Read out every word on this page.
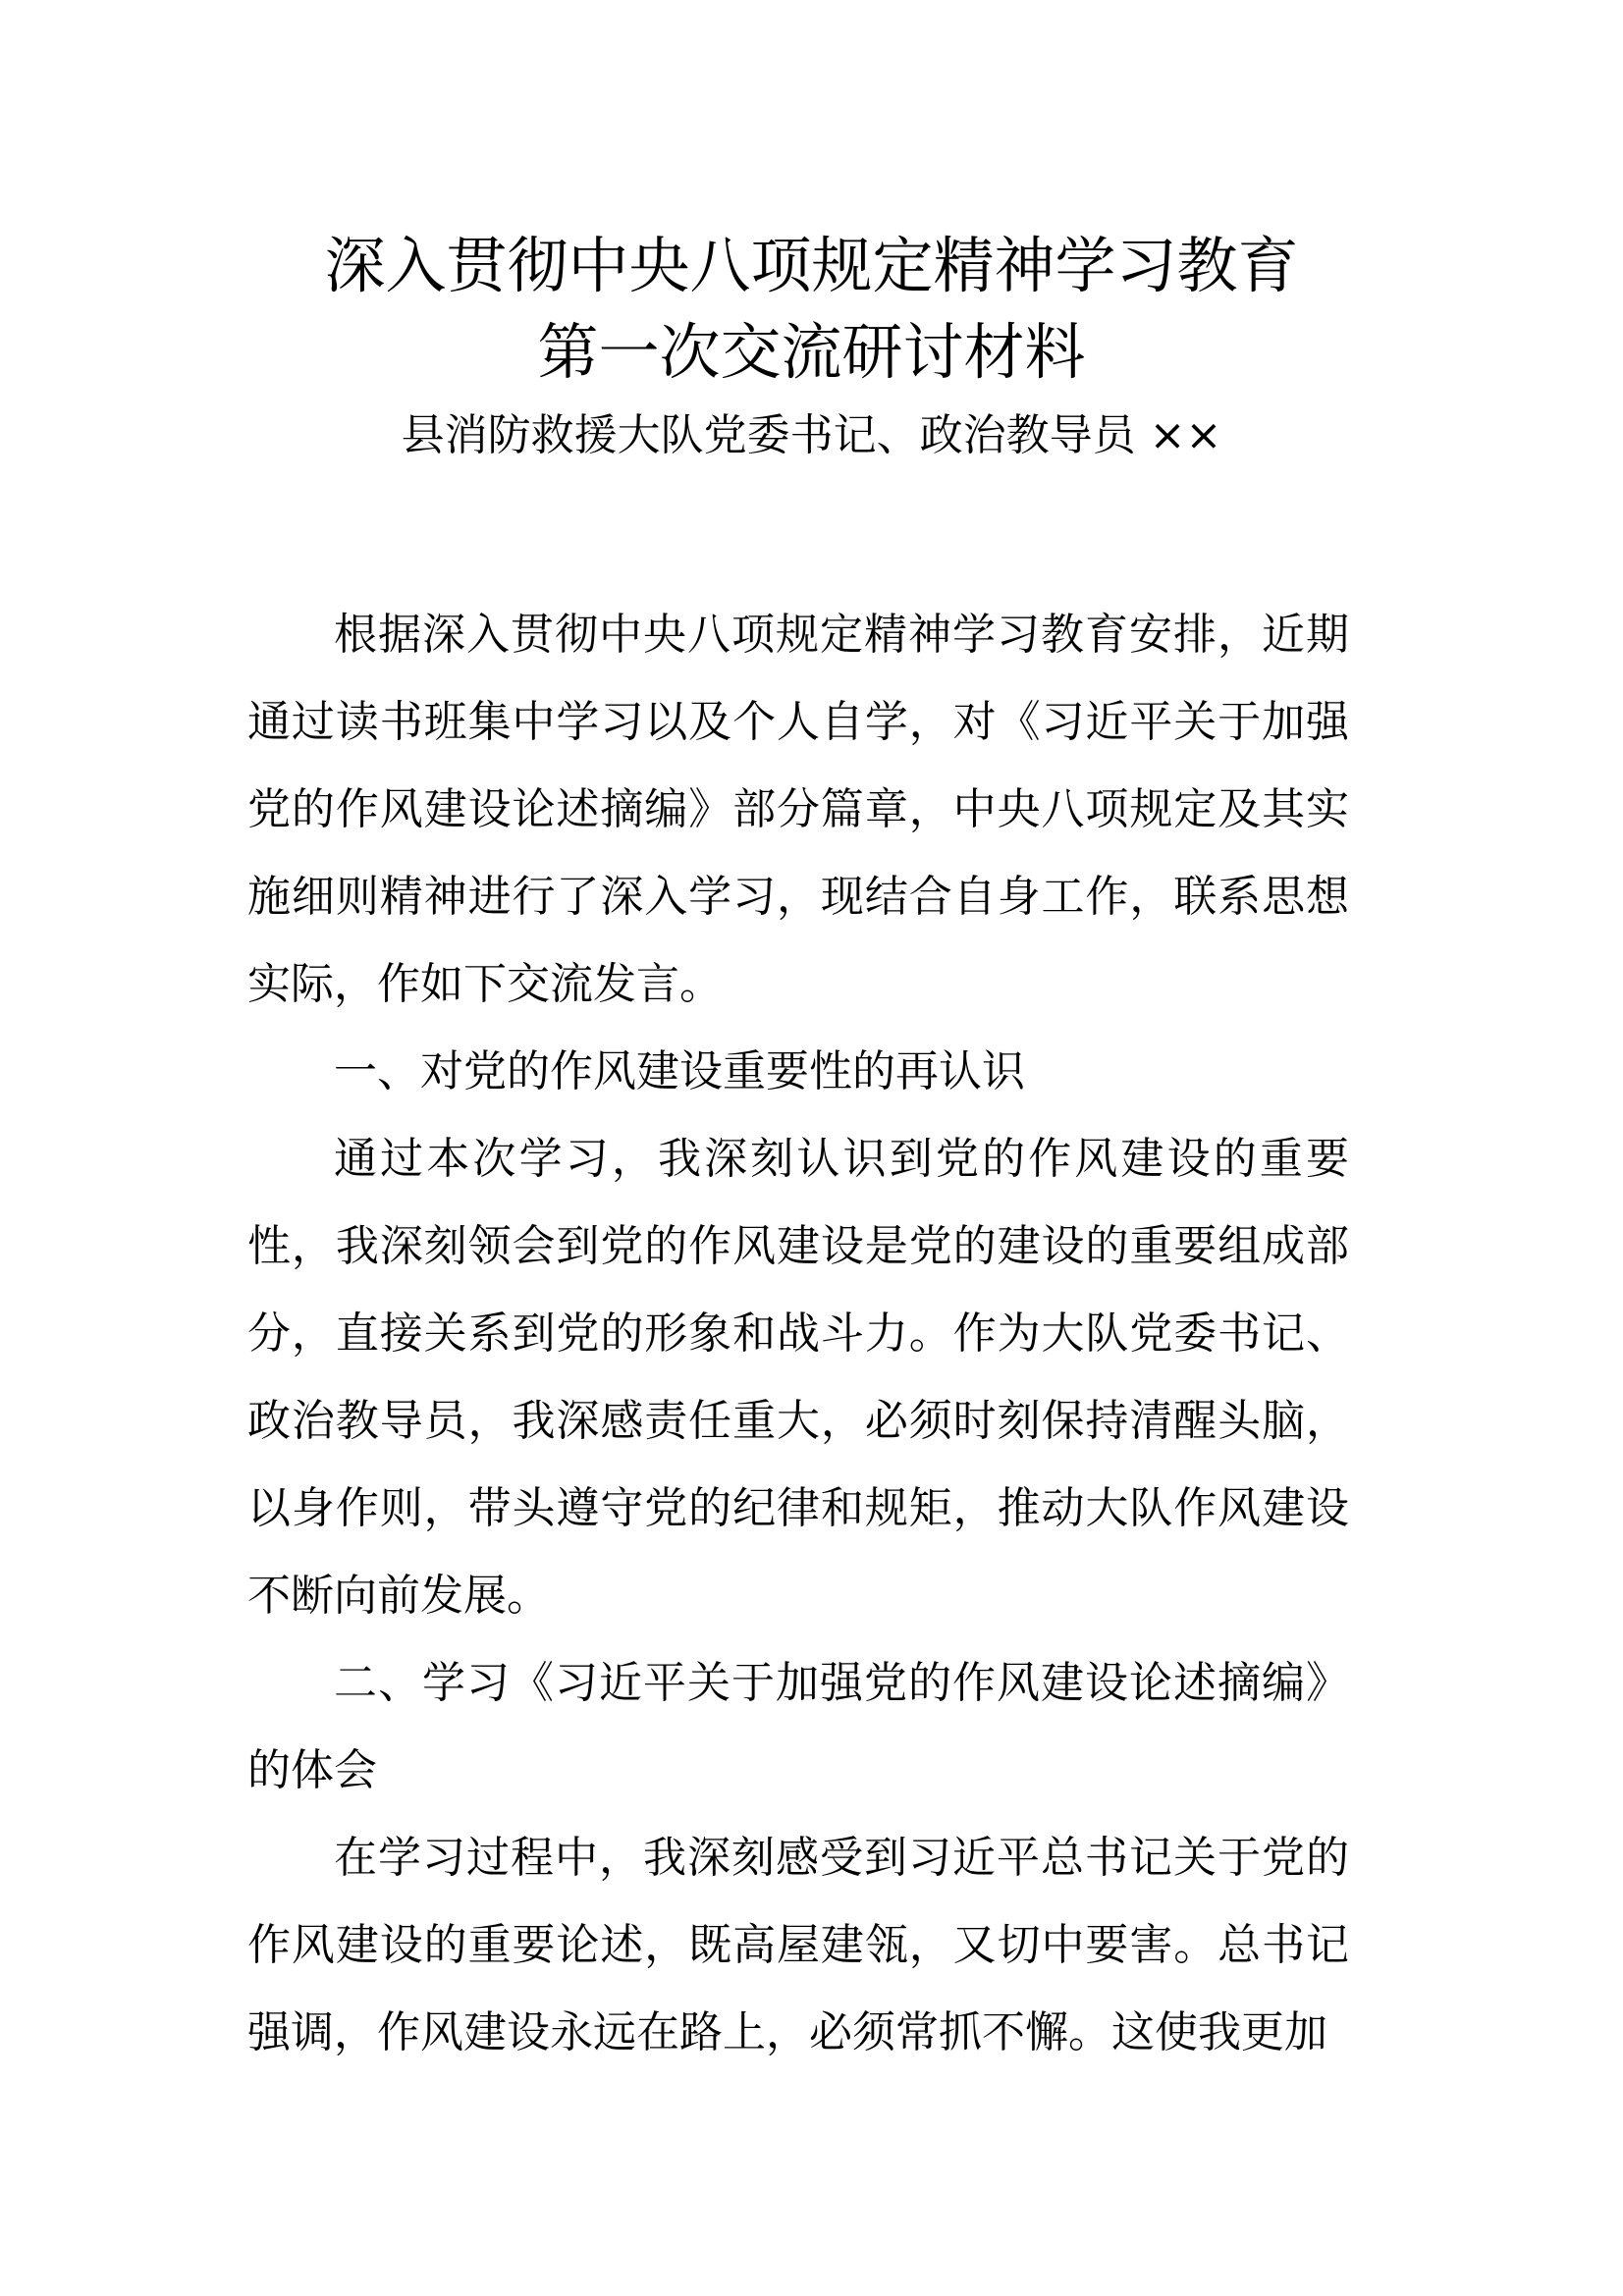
深入贯彻中央八项规定精神学习教育
第一次交流研讨材料
县消防救援大队党委书记、政治教导员 ××

根据深入贯彻中央八项规定精神学习教育安排，近期通过读书班集中学习以及个人自学，对《习近平关于加强党的作风建设论述摘编》部分篇章，中央八项规定及其实施细则精神进行了深入学习，现结合自身工作，联系思想实际，作如下交流发言。

一、对党的作风建设重要性的再认识

通过本次学习，我深刻认识到党的作风建设的重要性，我深刻领会到党的作风建设是党的建设的重要组成部分，直接关系到党的形象和战斗力。作为大队党委书记、政治教导员，我深感责任重大，必须时刻保持清醒头脑，以身作则，带头遵守党的纪律和规矩，推动大队作风建设不断向前发展。

二、学习《习近平关于加强党的作风建设论述摘编》的体会

在学习过程中，我深刻感受到习近平总书记关于党的作风建设的重要论述，既高屋建瓴，又切中要害。总书记强调，作风建设永远在路上，必须常抓不懈。这使我更加
